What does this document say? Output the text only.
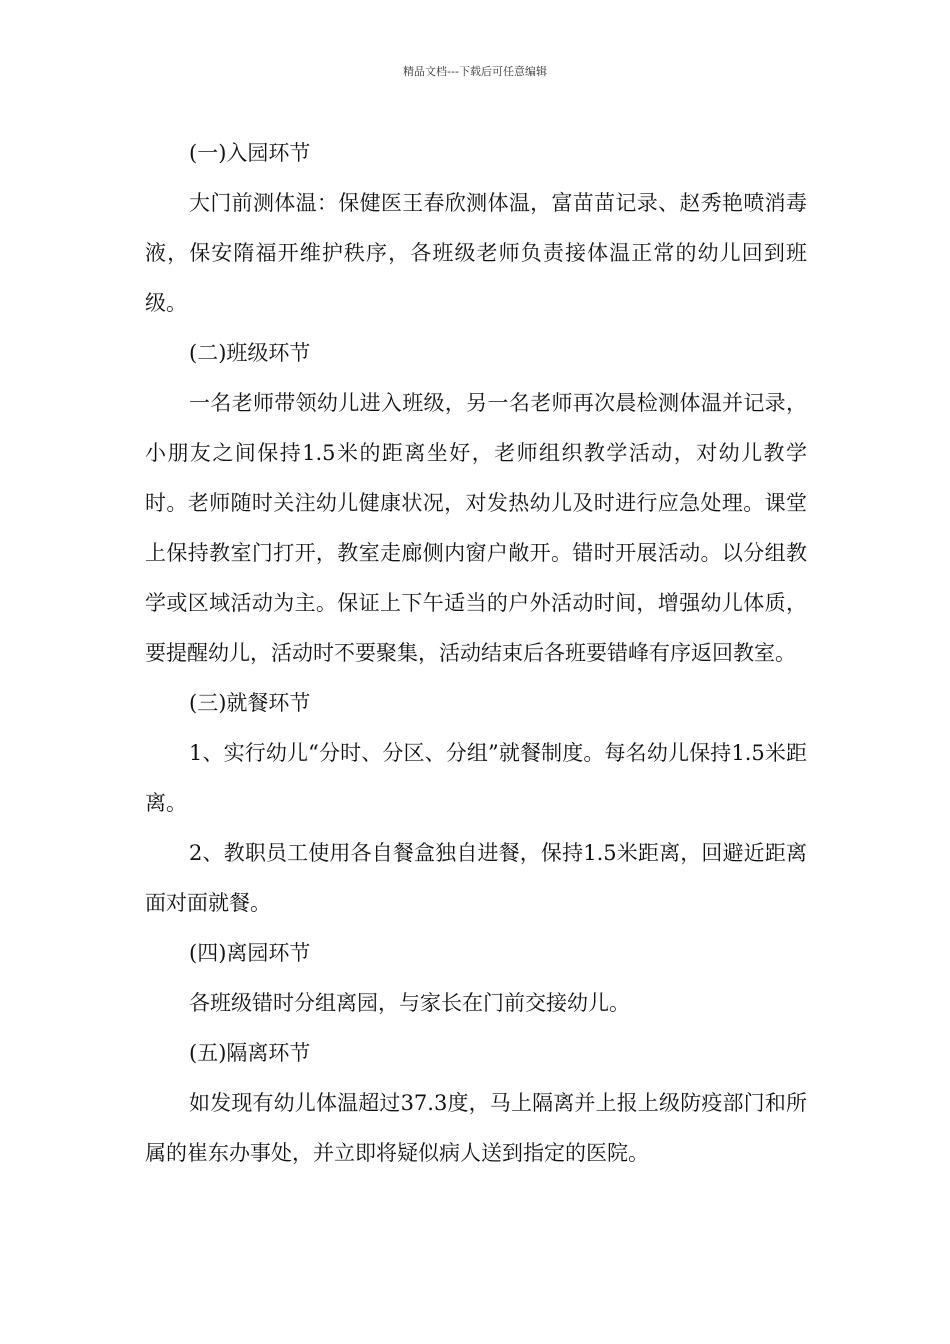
精品文档---下载后可任意编辑

(一)入园环节

大门前测体温：保健医王春欣测体温，富苗苗记录、赵秀艳喷消毒液，保安隋福开维护秩序，各班级老师负责接体温正常的幼儿回到班级。

(二)班级环节

一名老师带领幼儿进入班级，另一名老师再次晨检测体温并记录，小朋友之间保持1.5米的距离坐好，老师组织教学活动，对幼儿教学时。老师随时关注幼儿健康状况，对发热幼儿及时进行应急处理。课堂上保持教室门打开，教室走廊侧内窗户敞开。错时开展活动。以分组教学或区域活动为主。保证上下午适当的户外活动时间，增强幼儿体质，要提醒幼儿，活动时不要聚集，活动结束后各班要错峰有序返回教室。

(三)就餐环节

1、实行幼儿“分时、分区、分组”就餐制度。每名幼儿保持1.5米距离。

2、教职员工使用各自餐盒独自进餐，保持1.5米距离，回避近距离面对面就餐。

(四)离园环节

各班级错时分组离园，与家长在门前交接幼儿。

(五)隔离环节

如发现有幼儿体温超过37.3度，马上隔离并上报上级防疫部门和所属的崔东办事处，并立即将疑似病人送到指定的医院。
